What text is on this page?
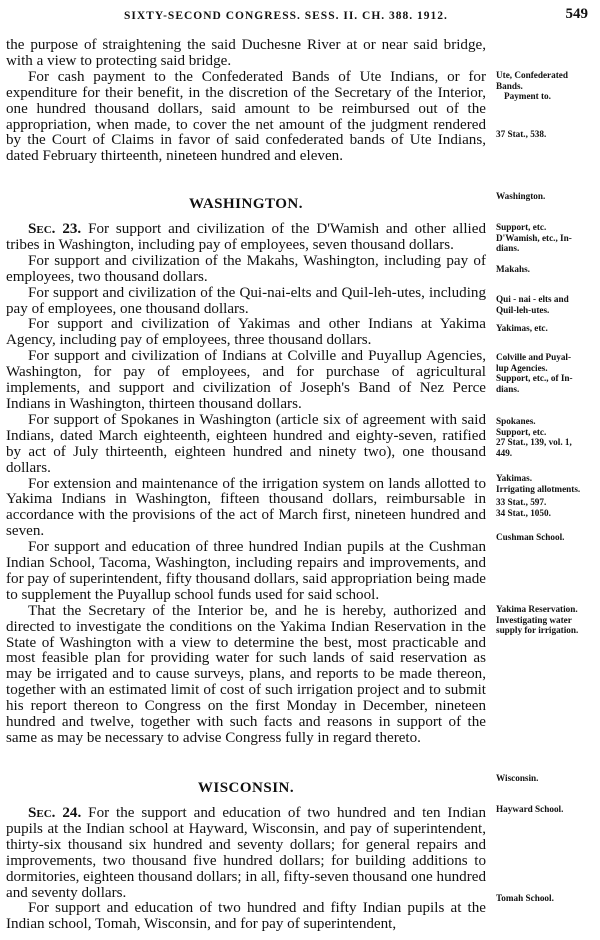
SIXTY-SECOND CONGRESS. SESS. II. CH. 388. 1912.	549

the purpose of straightening the said Duchesne River at or near said bridge, with a view to protecting said bridge.

For cash payment to the Confederated Bands of Ute Indians, or for expenditure for their benefit, in the discretion of the Secretary of the Interior, one hundred thousand dollars, said amount to be reimbursed out of the appropriation, when made, to cover the net amount of the judgment rendered by the Court of Claims in favor of said confederated bands of Ute Indians, dated February thirteenth, nineteen hundred and eleven.

WASHINGTON.

Sec. 23. For support and civilization of the D'Wamish and other allied tribes in Washington, including pay of employees, seven thousand dollars.

For support and civilization of the Makahs, Washington, including pay of employees, two thousand dollars.

For support and civilization of the Qui-nai-elts and Quil-leh-utes, including pay of employees, one thousand dollars.

For support and civilization of Yakimas and other Indians at Yakima Agency, including pay of employees, three thousand dollars.

For support and civilization of Indians at Colville and Puyallup Agencies, Washington, for pay of employees, and for purchase of agricultural implements, and support and civilization of Joseph's Band of Nez Perce Indians in Washington, thirteen thousand dollars.

For support of Spokanes in Washington (article six of agreement with said Indians, dated March eighteenth, eighteen hundred and eighty-seven, ratified by act of July thirteenth, eighteen hundred and ninety two), one thousand dollars.

For extension and maintenance of the irrigation system on lands allotted to Yakima Indians in Washington, fifteen thousand dollars, reimbursable in accordance with the provisions of the act of March first, nineteen hundred and seven.

For support and education of three hundred Indian pupils at the Cushman Indian School, Tacoma, Washington, including repairs and improvements, and for pay of superintendent, fifty thousand dollars, said appropriation being made to supplement the Puyallup school funds used for said school.

That the Secretary of the Interior be, and he is hereby, authorized and directed to investigate the conditions on the Yakima Indian Reservation in the State of Washington with a view to determine the best, most practicable and most feasible plan for providing water for such lands of said reservation as may be irrigated and to cause surveys, plans, and reports to be made thereon, together with an estimated limit of cost of such irrigation project and to submit his report thereon to Congress on the first Monday in December, nineteen hundred and twelve, together with such facts and reasons in support of the same as may be necessary to advise Congress fully in regard thereto.

WISCONSIN.

Sec. 24. For the support and education of two hundred and ten Indian pupils at the Indian school at Hayward, Wisconsin, and pay of superintendent, thirty-six thousand six hundred and seventy dollars; for general repairs and improvements, two thousand five hundred dollars; for building additions to dormitories, eighteen thousand dollars; in all, fifty-seven thousand one hundred and seventy dollars.

For support and education of two hundred and fifty Indian pupils at the Indian school, Tomah, Wisconsin, and for pay of superintendent,

Ute, Confederated
Bands.
Payment to.
37 Stat., 538.
Washington.
Support, etc.
D'Wamish, etc., In-
dians.
Makahs.
Qui - nai - elts and
Quil-leh-utes.
Yakimas, etc.
Colville and Puyal-
lup Agencies.
Support, etc., of In-
dians.
Spokanes.
Support, etc.
27 Stat., 139, vol. 1,
449.
Yakimas.
Irrigating allotments.
33 Stat., 597.
34 Stat., 1050.
Cushman School.
Yakima Reservation.
Investigating water
supply for irrigation.
Wisconsin.
Hayward School.
Tomah School.
